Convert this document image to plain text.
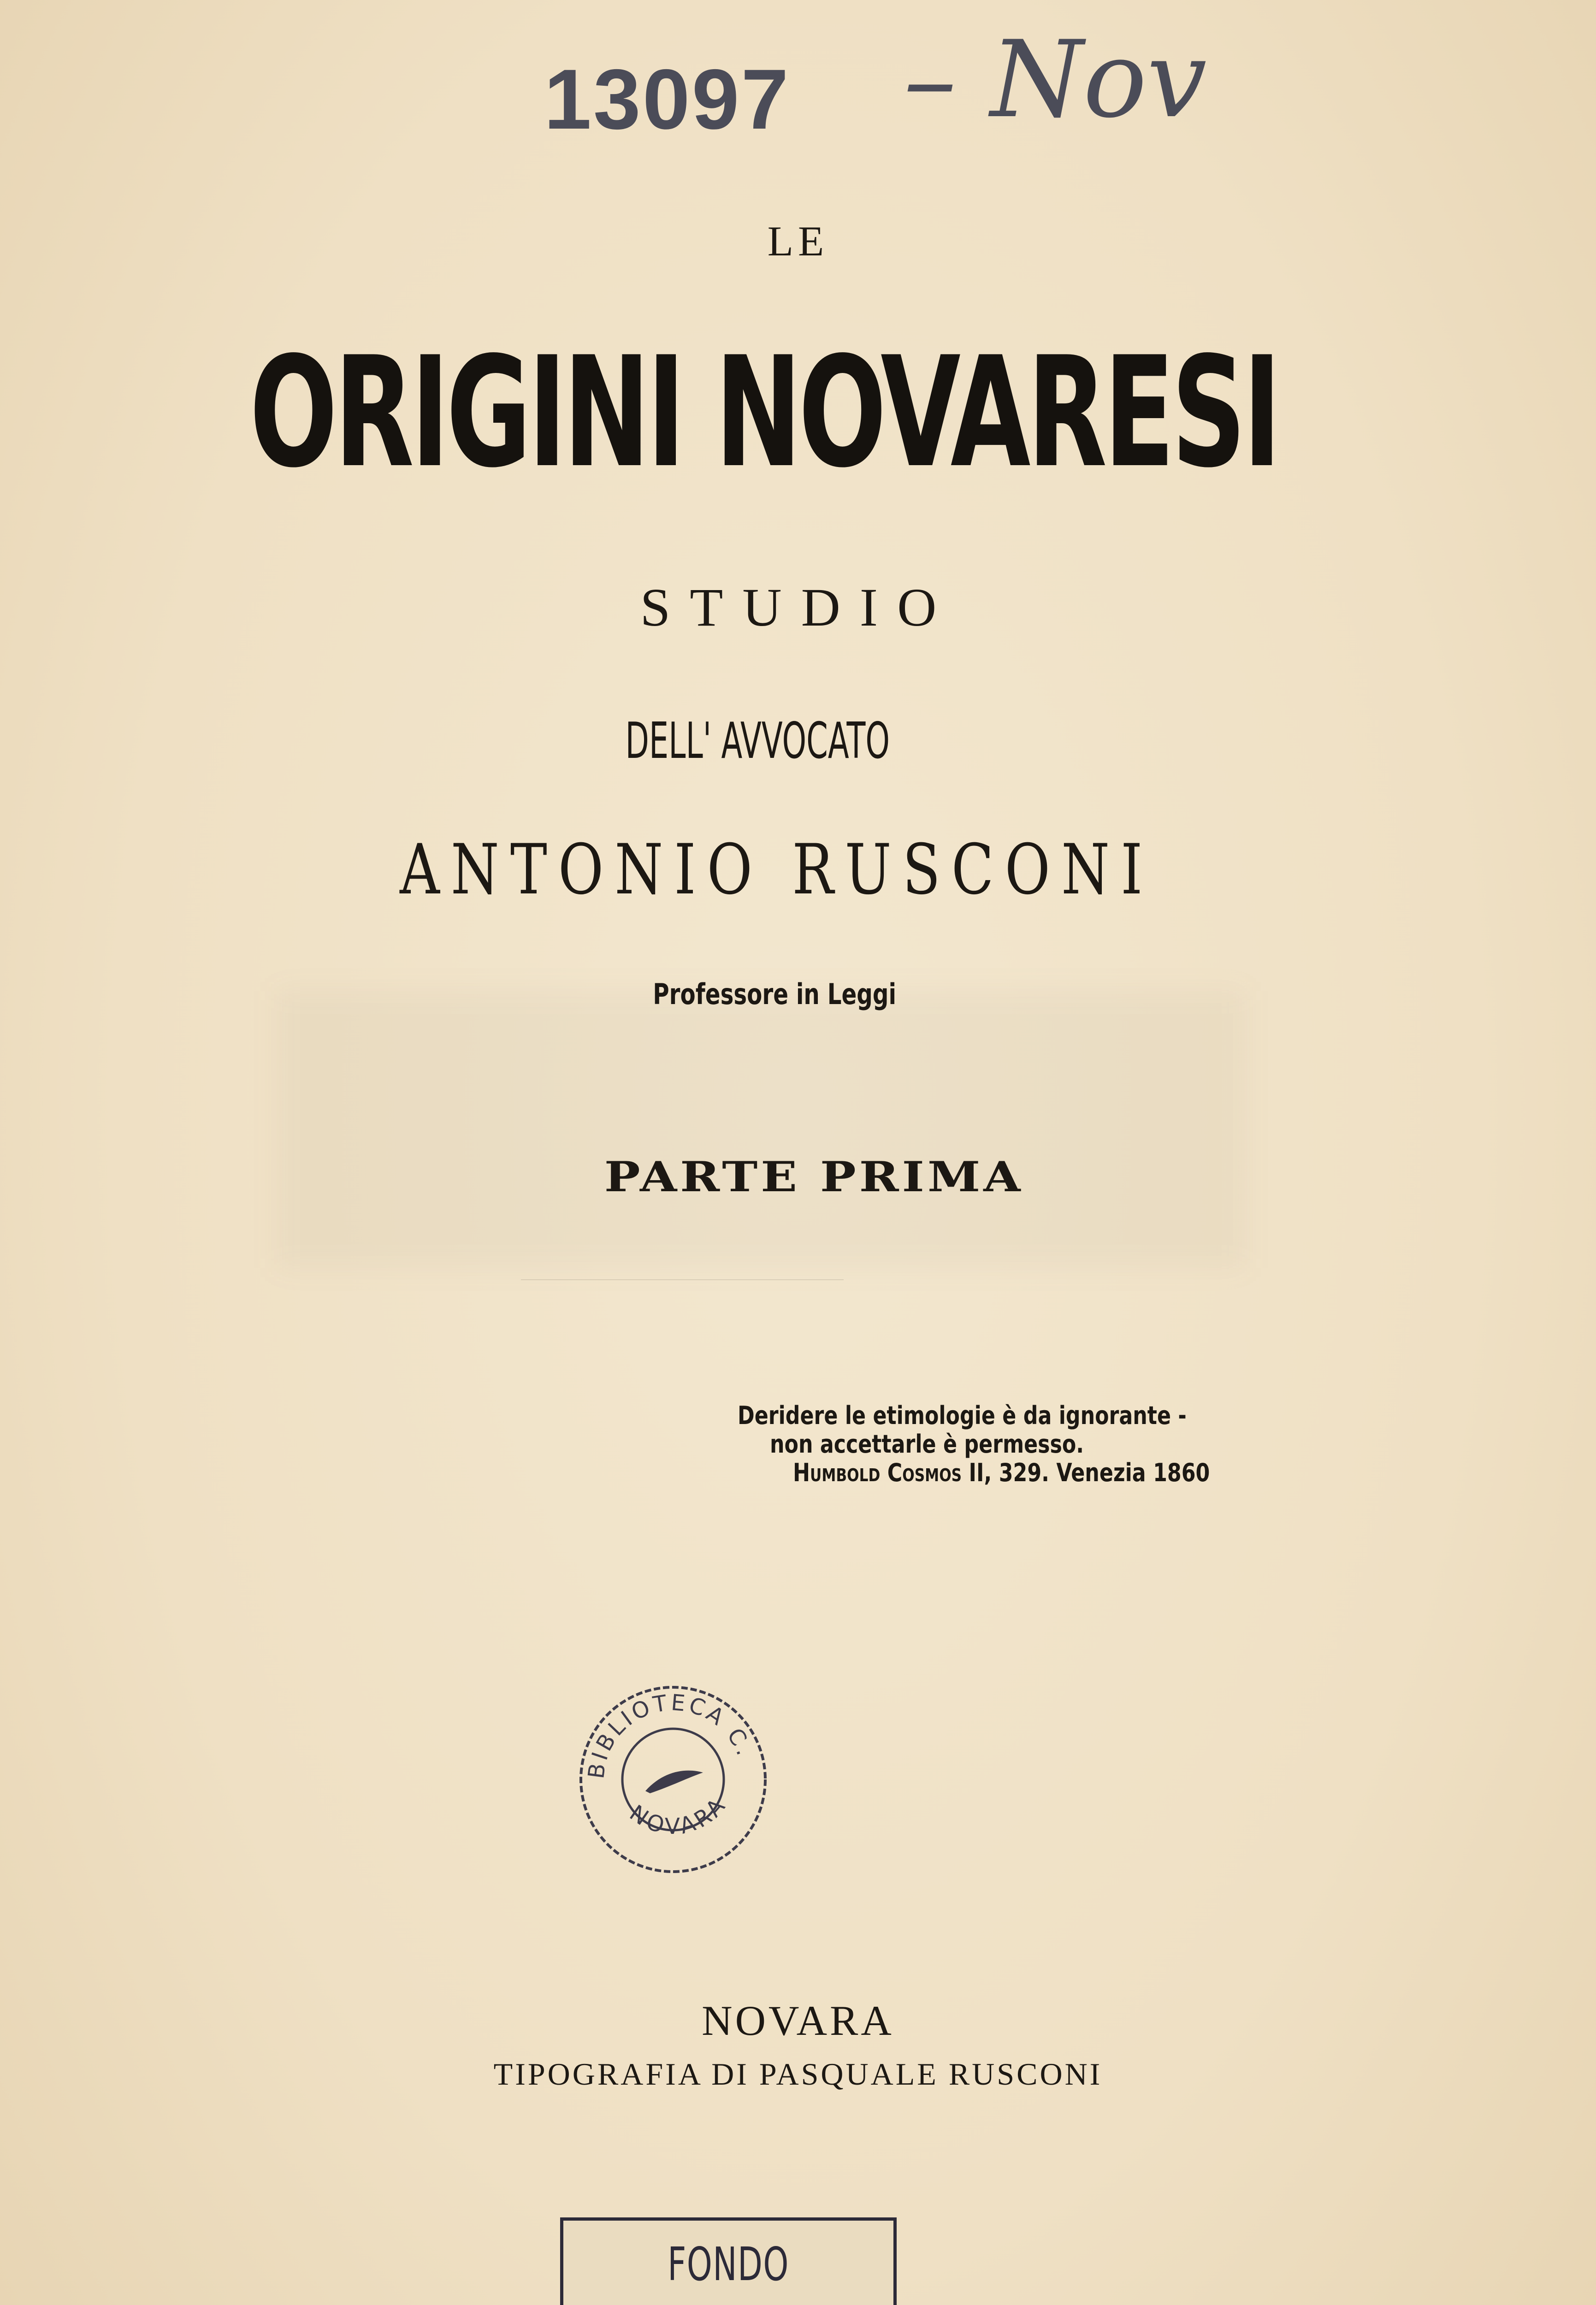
13097 – Nov
LE
ORIGINI NOVARESI
STUDIO
DELL' AVVOCATO
ANTONIO RUSCONI
Professore in Leggi
PARTE PRIMA
Deridere le etimologie è da ignorante -
non accettarle è permesso.
Humbold Cosmos II, 329. Venezia 1860
BIBLIOTECA C.
NOVARA
NOVARA
TIPOGRAFIA DI PASQUALE RUSCONI
FONDO
